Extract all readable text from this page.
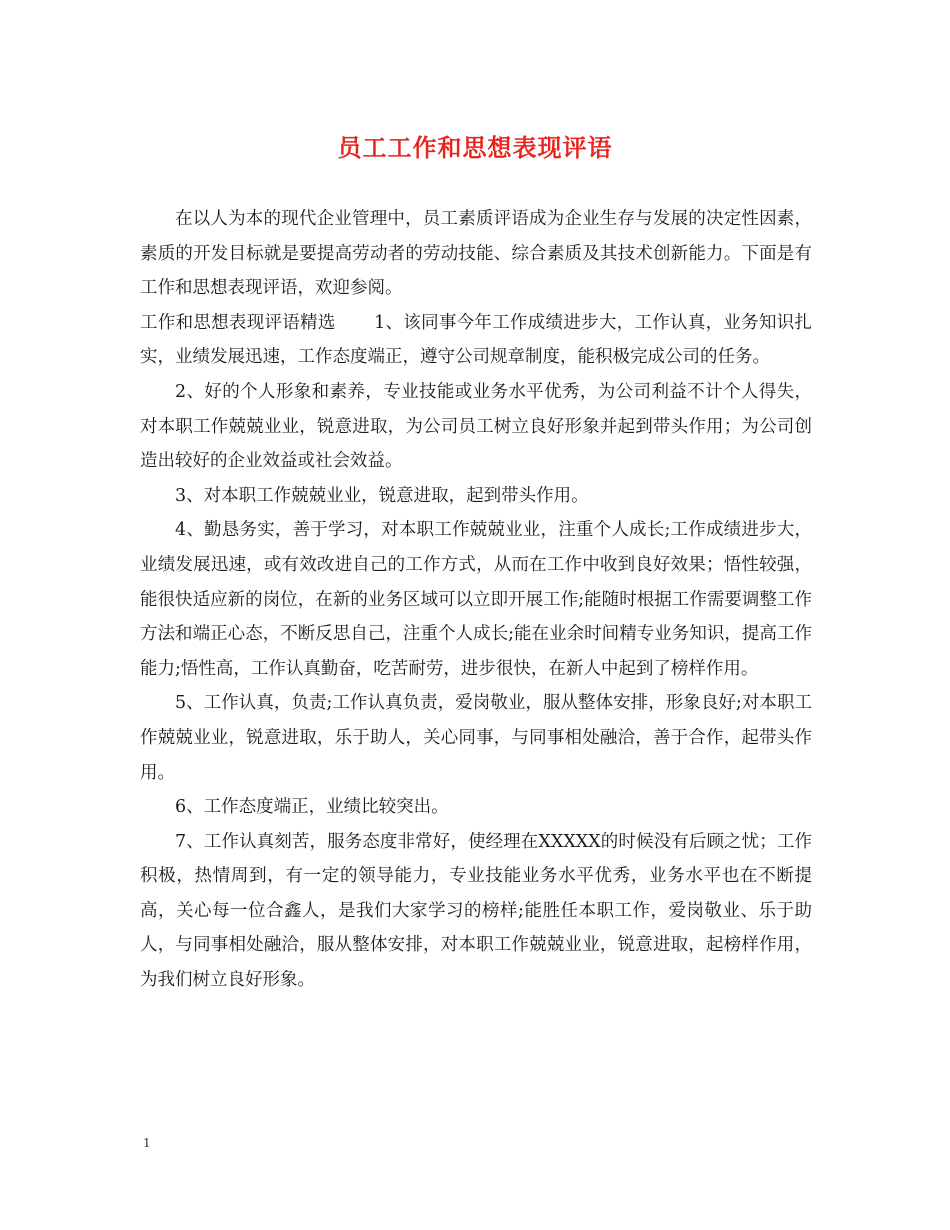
员工工作和思想表现评语

在以人为本的现代企业管理中，员工素质评语成为企业生存与发展的决定性因素，素质的开发目标就是要提高劳动者的劳动技能、综合素质及其技术创新能力。下面是有工作和思想表现评语，欢迎参阅。

工作和思想表现评语精选 1、该同事今年工作成绩进步大，工作认真，业务知识扎实，业绩发展迅速，工作态度端正，遵守公司规章制度，能积极完成公司的任务。

2、好的个人形象和素养，专业技能或业务水平优秀，为公司利益不计个人得失，对本职工作兢兢业业，锐意进取，为公司员工树立良好形象并起到带头作用；为公司创造出较好的企业效益或社会效益。

3、对本职工作兢兢业业，锐意进取，起到带头作用。

4、勤恳务实，善于学习，对本职工作兢兢业业，注重个人成长;工作成绩进步大，业绩发展迅速，或有效改进自己的工作方式，从而在工作中收到良好效果；悟性较强，能很快适应新的岗位，在新的业务区域可以立即开展工作;能随时根据工作需要调整工作方法和端正心态，不断反思自己，注重个人成长;能在业余时间精专业务知识，提高工作能力;悟性高，工作认真勤奋，吃苦耐劳，进步很快，在新人中起到了榜样作用。

5、工作认真，负责;工作认真负责，爱岗敬业，服从整体安排，形象良好;对本职工作兢兢业业，锐意进取，乐于助人，关心同事，与同事相处融洽，善于合作，起带头作用。

6、工作态度端正，业绩比较突出。

7、工作认真刻苦，服务态度非常好，使经理在XXXXX的时候没有后顾之忧；工作积极，热情周到，有一定的领导能力，专业技能业务水平优秀，业务水平也在不断提高，关心每一位合鑫人，是我们大家学习的榜样;能胜任本职工作，爱岗敬业、乐于助人，与同事相处融洽，服从整体安排，对本职工作兢兢业业，锐意进取，起榜样作用，为我们树立良好形象。

1
